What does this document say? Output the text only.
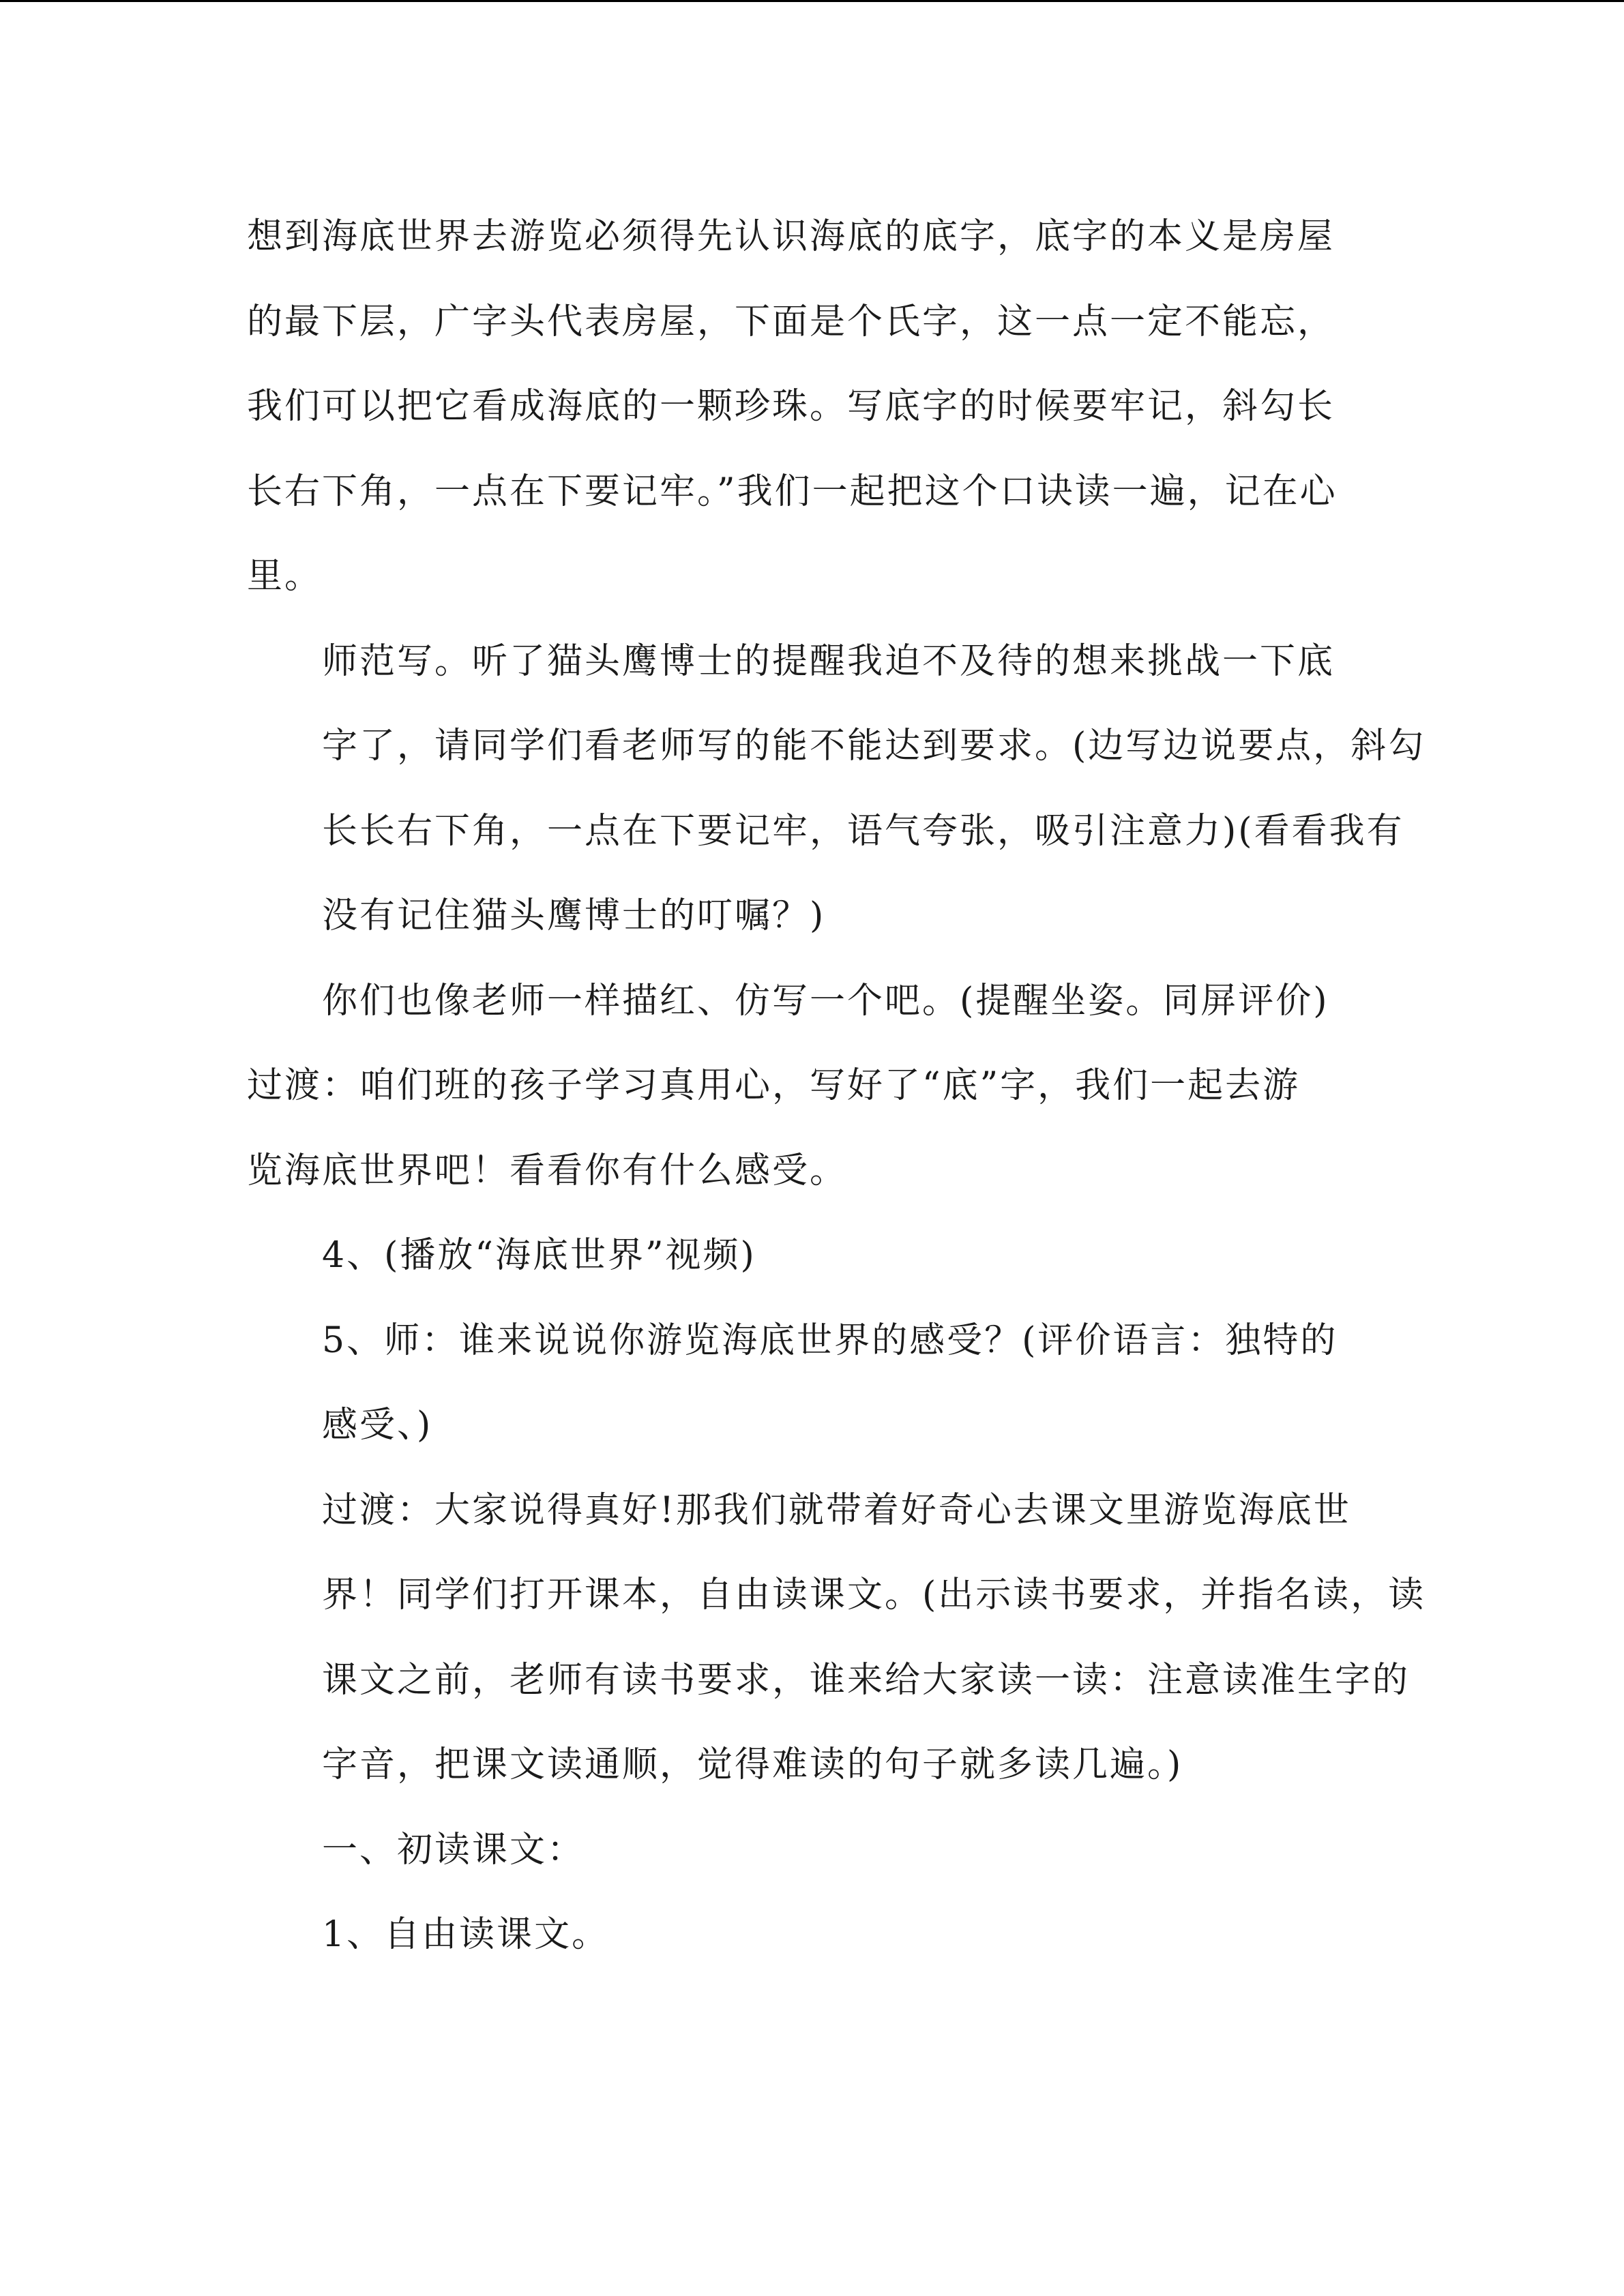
想到海底世界去游览必须得先认识海底的底字，底字的本义是房屋
的最下层，广字头代表房屋，下面是个氏字，这一点一定不能忘，
我们可以把它看成海底的一颗珍珠。写底字的时候要牢记，斜勾长
长右下角，一点在下要记牢。”我们一起把这个口诀读一遍，记在心
里。

师范写。听了猫头鹰博士的提醒我迫不及待的想来挑战一下底
字了，请同学们看老师写的能不能达到要求。(边写边说要点，斜勾
长长右下角，一点在下要记牢，语气夸张，吸引注意力)(看看我有
没有记住猫头鹰博士的叮嘱？)

你们也像老师一样描红、仿写一个吧。(提醒坐姿。同屏评价)

过渡：咱们班的孩子学习真用心，写好了“底”字，我们一起去游
览海底世界吧！看看你有什么感受。

4、(播放“海底世界”视频)

5、师：谁来说说你游览海底世界的感受？(评价语言：独特的
感受、)

过渡：大家说得真好!那我们就带着好奇心去课文里游览海底世
界！同学们打开课本，自由读课文。(出示读书要求，并指名读，读
课文之前，老师有读书要求，谁来给大家读一读：注意读准生字的
字音，把课文读通顺，觉得难读的句子就多读几遍。)

一、初读课文：

1、自由读课文。
